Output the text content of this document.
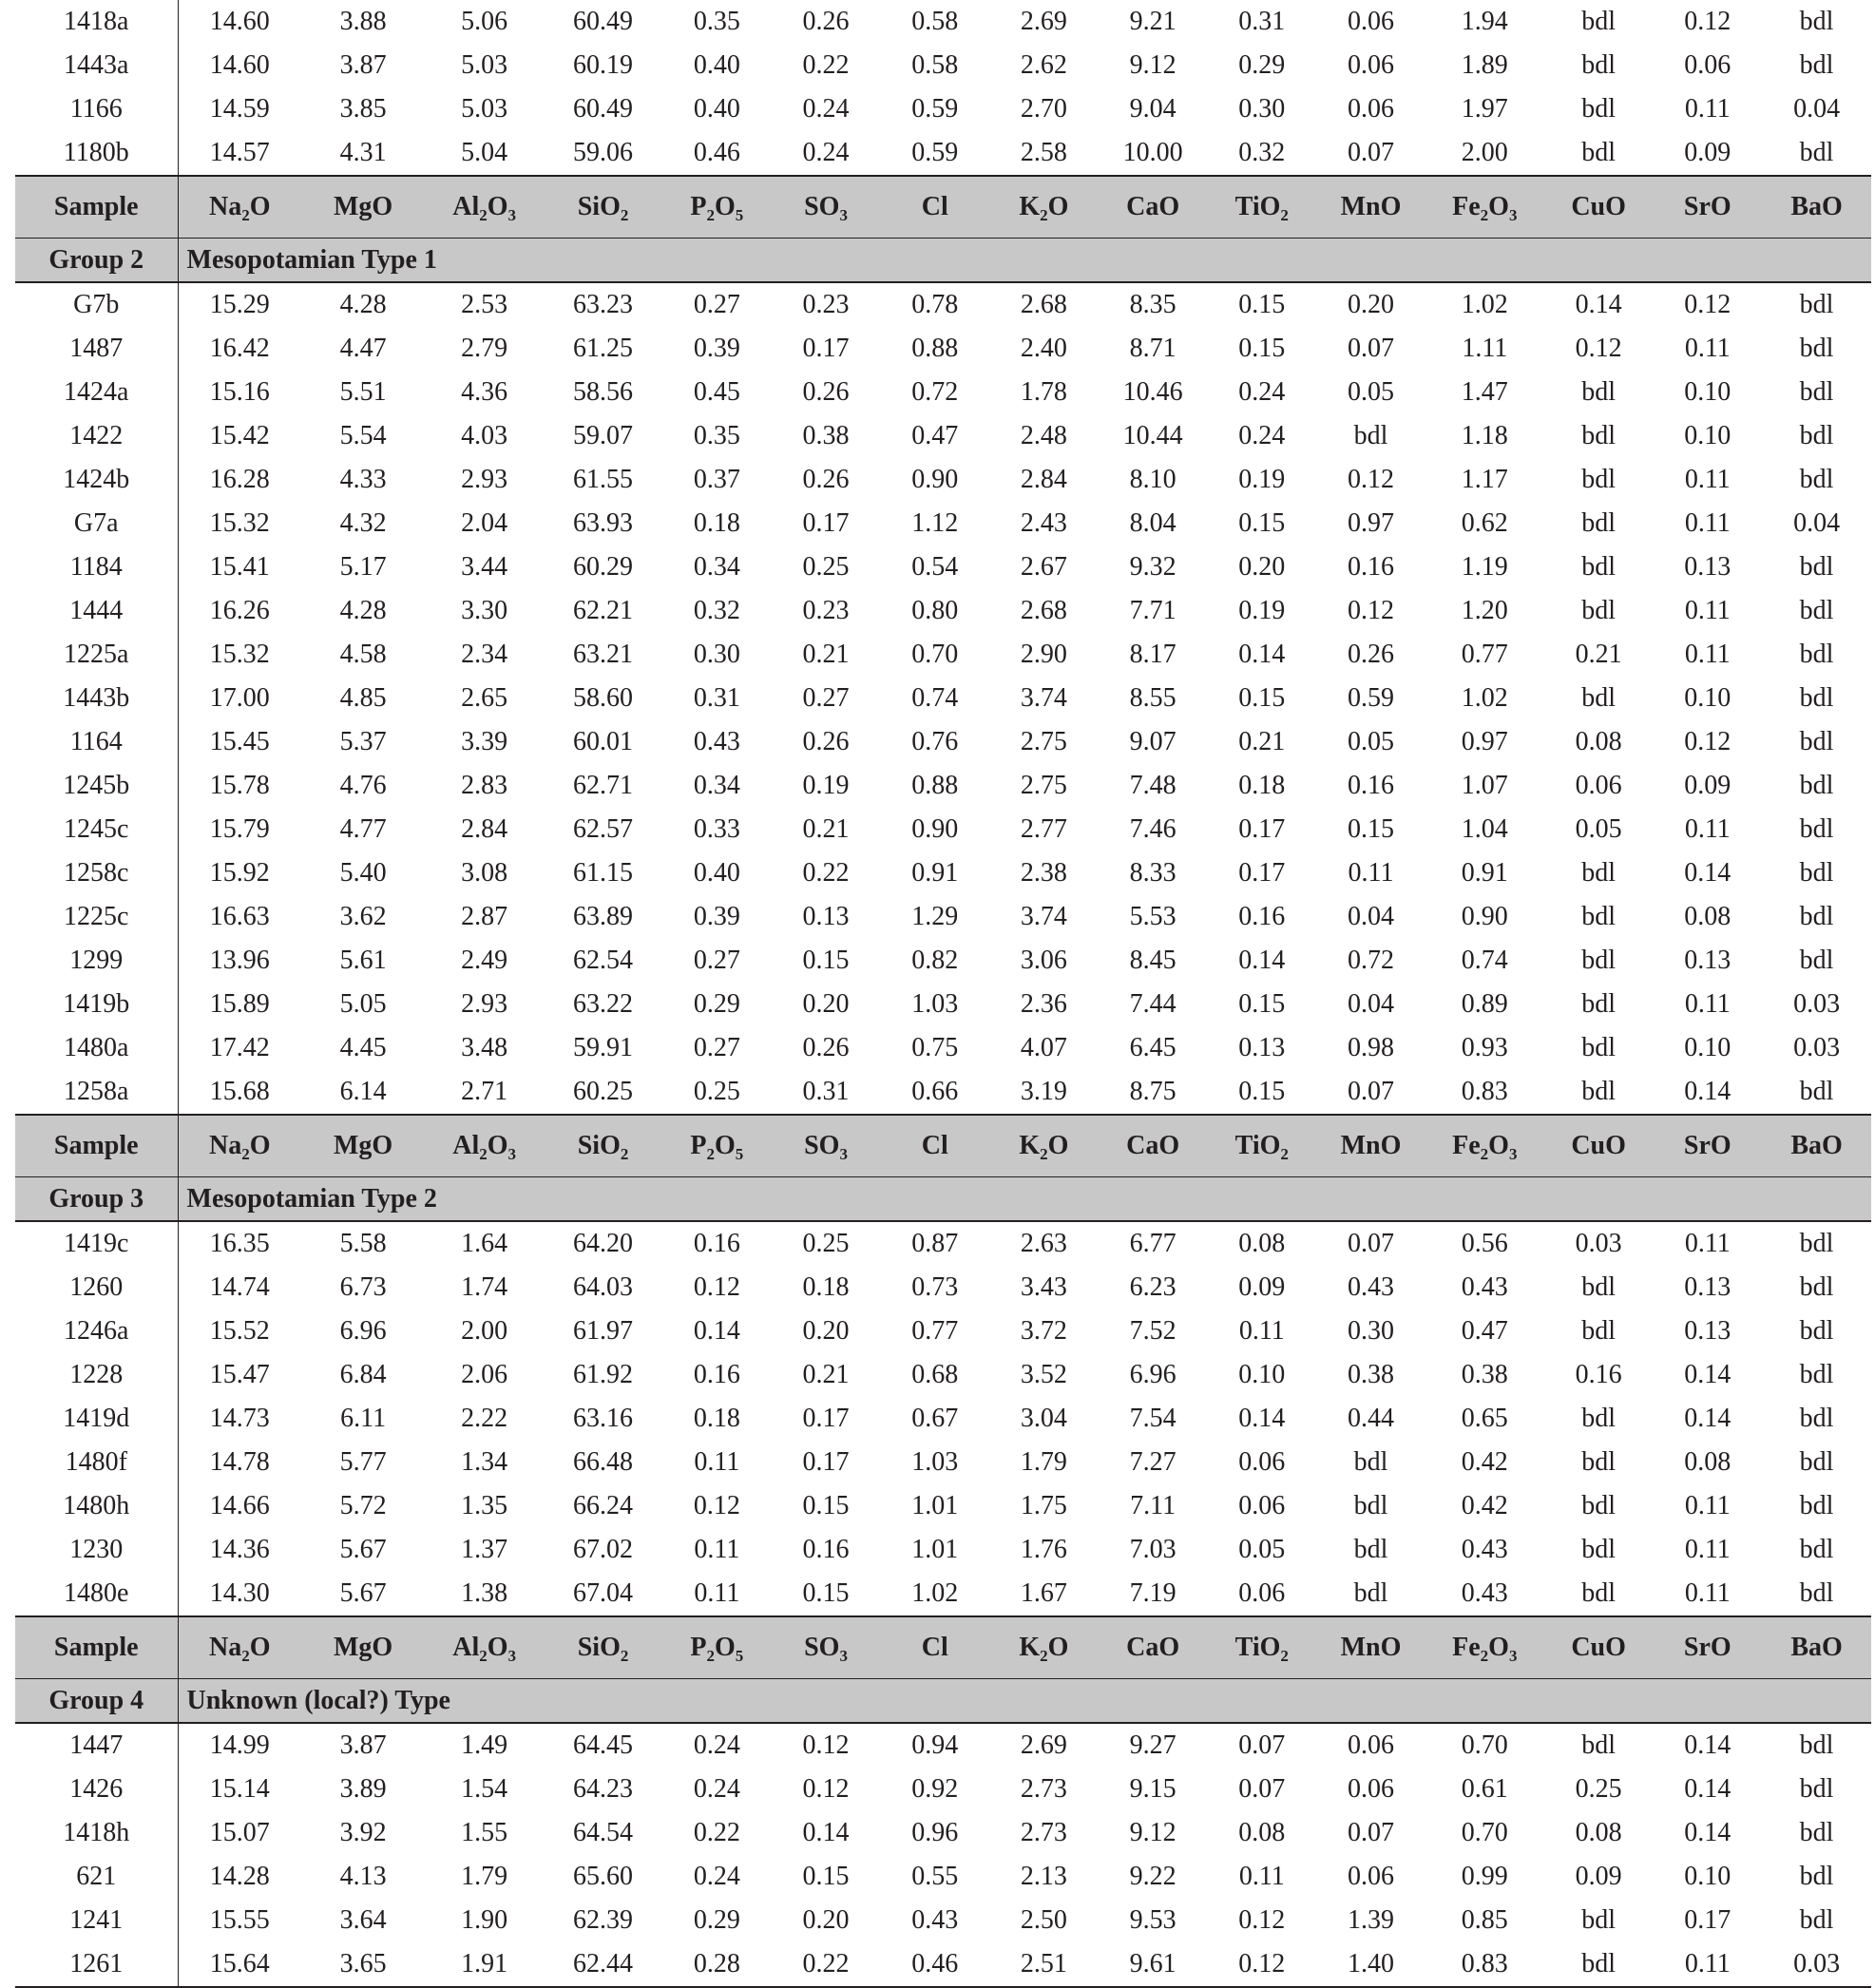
1418a	14.60	3.88	5.06	60.49	0.35	0.26	0.58	2.69	9.21	0.31	0.06	1.94	bdl	0.12	bdl
1443a	14.60	3.87	5.03	60.19	0.40	0.22	0.58	2.62	9.12	0.29	0.06	1.89	bdl	0.06	bdl
1166	14.59	3.85	5.03	60.49	0.40	0.24	0.59	2.70	9.04	0.30	0.06	1.97	bdl	0.11	0.04
1180b	14.57	4.31	5.04	59.06	0.46	0.24	0.59	2.58	10.00	0.32	0.07	2.00	bdl	0.09	bdl
Sample	$Na_2O$	MgO	$Al_2O_3$	SiO$_2$	$P_2O_5$	$SO_3$	Cl	$K_2O$	CaO	TiO$_2$	MnO	$Fe_2O_3$	CuO	SrO	BaO
Group 2	Mesopotamian Type 1														
G7b	15.29	4.28	2.53	63.23	0.27	0.23	0.78	2.68	8.35	0.15	0.20	1.02	0.14	0.12	bdl
1487	16.42	4.47	2.79	61.25	0.39	0.17	0.88	2.40	8.71	0.15	0.07	1.11	0.12	0.11	bdl
1424a	15.16	5.51	4.36	58.56	0.45	0.26	0.72	1.78	10.46	0.24	0.05	1.47	bdl	0.10	bdl
1422	15.42	5.54	4.03	59.07	0.35	0.38	0.47	2.48	10.44	0.24	bdl	1.18	bdl	0.10	bdl
1424b	16.28	4.33	2.93	61.55	0.37	0.26	0.90	2.84	8.10	0.19	0.12	1.17	bdl	0.11	bdl
G7a	15.32	4.32	2.04	63.93	0.18	0.17	1.12	2.43	8.04	0.15	0.97	0.62	bdl	0.11	0.04
1184	15.41	5.17	3.44	60.29	0.34	0.25	0.54	2.67	9.32	0.20	0.16	1.19	bdl	0.13	bdl
1444	16.26	4.28	3.30	62.21	0.32	0.23	0.80	2.68	7.71	0.19	0.12	1.20	bdl	0.11	bdl
1225a	15.32	4.58	2.34	63.21	0.30	0.21	0.70	2.90	8.17	0.14	0.26	0.77	0.21	0.11	bdl
1443b	17.00	4.85	2.65	58.60	0.31	0.27	0.74	3.74	8.55	0.15	0.59	1.02	bdl	0.10	bdl
1164	15.45	5.37	3.39	60.01	0.43	0.26	0.76	2.75	9.07	0.21	0.05	0.97	0.08	0.12	bdl
1245b	15.78	4.76	2.83	62.71	0.34	0.19	0.88	2.75	7.48	0.18	0.16	1.07	0.06	0.09	bdl
1245c	15.79	4.77	2.84	62.57	0.33	0.21	0.90	2.77	7.46	0.17	0.15	1.04	0.05	0.11	bdl
1258c	15.92	5.40	3.08	61.15	0.40	0.22	0.91	2.38	8.33	0.17	0.11	0.91	bdl	0.14	bdl
1225c	16.63	3.62	2.87	63.89	0.39	0.13	1.29	3.74	5.53	0.16	0.04	0.90	bdl	0.08	bdl
1299	13.96	5.61	2.49	62.54	0.27	0.15	0.82	3.06	8.45	0.14	0.72	0.74	bdl	0.13	bdl
1419b	15.89	5.05	2.93	63.22	0.29	0.20	1.03	2.36	7.44	0.15	0.04	0.89	bdl	0.11	0.03
1480a	17.42	4.45	3.48	59.91	0.27	0.26	0.75	4.07	6.45	0.13	0.98	0.93	bdl	0.10	0.03
1258a	15.68	6.14	2.71	60.25	0.25	0.31	0.66	3.19	8.75	0.15	0.07	0.83	bdl	0.14	bdl
Sample	$Na_2O$	MgO	$Al_2O_3$	SiO$_2$	$P_2O_5$	$SO_3$	Cl	$K_2O$	CaO	TiO$_2$	MnO	$Fe_2O_3$	CuO	SrO	BaO
Group 3	Mesopotamian Type 2														
1419c	16.35	5.58	1.64	64.20	0.16	0.25	0.87	2.63	6.77	0.08	0.07	0.56	0.03	0.11	bdl
1260	14.74	6.73	1.74	64.03	0.12	0.18	0.73	3.43	6.23	0.09	0.43	0.43	bdl	0.13	bdl
1246a	15.52	6.96	2.00	61.97	0.14	0.20	0.77	3.72	7.52	0.11	0.30	0.47	bdl	0.13	bdl
1228	15.47	6.84	2.06	61.92	0.16	0.21	0.68	3.52	6.96	0.10	0.38	0.38	0.16	0.14	bdl
1419d	14.73	6.11	2.22	63.16	0.18	0.17	0.67	3.04	7.54	0.14	0.44	0.65	bdl	0.14	bdl
1480f	14.78	5.77	1.34	66.48	0.11	0.17	1.03	1.79	7.27	0.06	bdl	0.42	bdl	0.08	bdl
1480h	14.66	5.72	1.35	66.24	0.12	0.15	1.01	1.75	7.11	0.06	bdl	0.42	bdl	0.11	bdl
1230	14.36	5.67	1.37	67.02	0.11	0.16	1.01	1.76	7.03	0.05	bdl	0.43	bdl	0.11	bdl
1480e	14.30	5.67	1.38	67.04	0.11	0.15	1.02	1.67	7.19	0.06	bdl	0.43	bdl	0.11	bdl
Sample	$Na_2O$	MgO	$Al_2O_3$	SiO$_2$	$P_2O_5$	$SO_3$	Cl	$K_2O$	CaO	TiO$_2$	MnO	$Fe_2O_3$	CuO	SrO	BaO
Group 4	Unknown (local?) Type														
1447	14.99	3.87	1.49	64.45	0.24	0.12	0.94	2.69	9.27	0.07	0.06	0.70	bdl	0.14	bdl
1426	15.14	3.89	1.54	64.23	0.24	0.12	0.92	2.73	9.15	0.07	0.06	0.61	0.25	0.14	bdl
1418h	15.07	3.92	1.55	64.54	0.22	0.14	0.96	2.73	9.12	0.08	0.07	0.70	0.08	0.14	bdl
621	14.28	4.13	1.79	65.60	0.24	0.15	0.55	2.13	9.22	0.11	0.06	0.99	0.09	0.10	bdl
1241	15.55	3.64	1.90	62.39	0.29	0.20	0.43	2.50	9.53	0.12	1.39	0.85	bdl	0.17	bdl
1261	15.64	3.65	1.91	62.44	0.28	0.22	0.46	2.51	9.61	0.12	1.40	0.83	bdl	0.11	0.03
